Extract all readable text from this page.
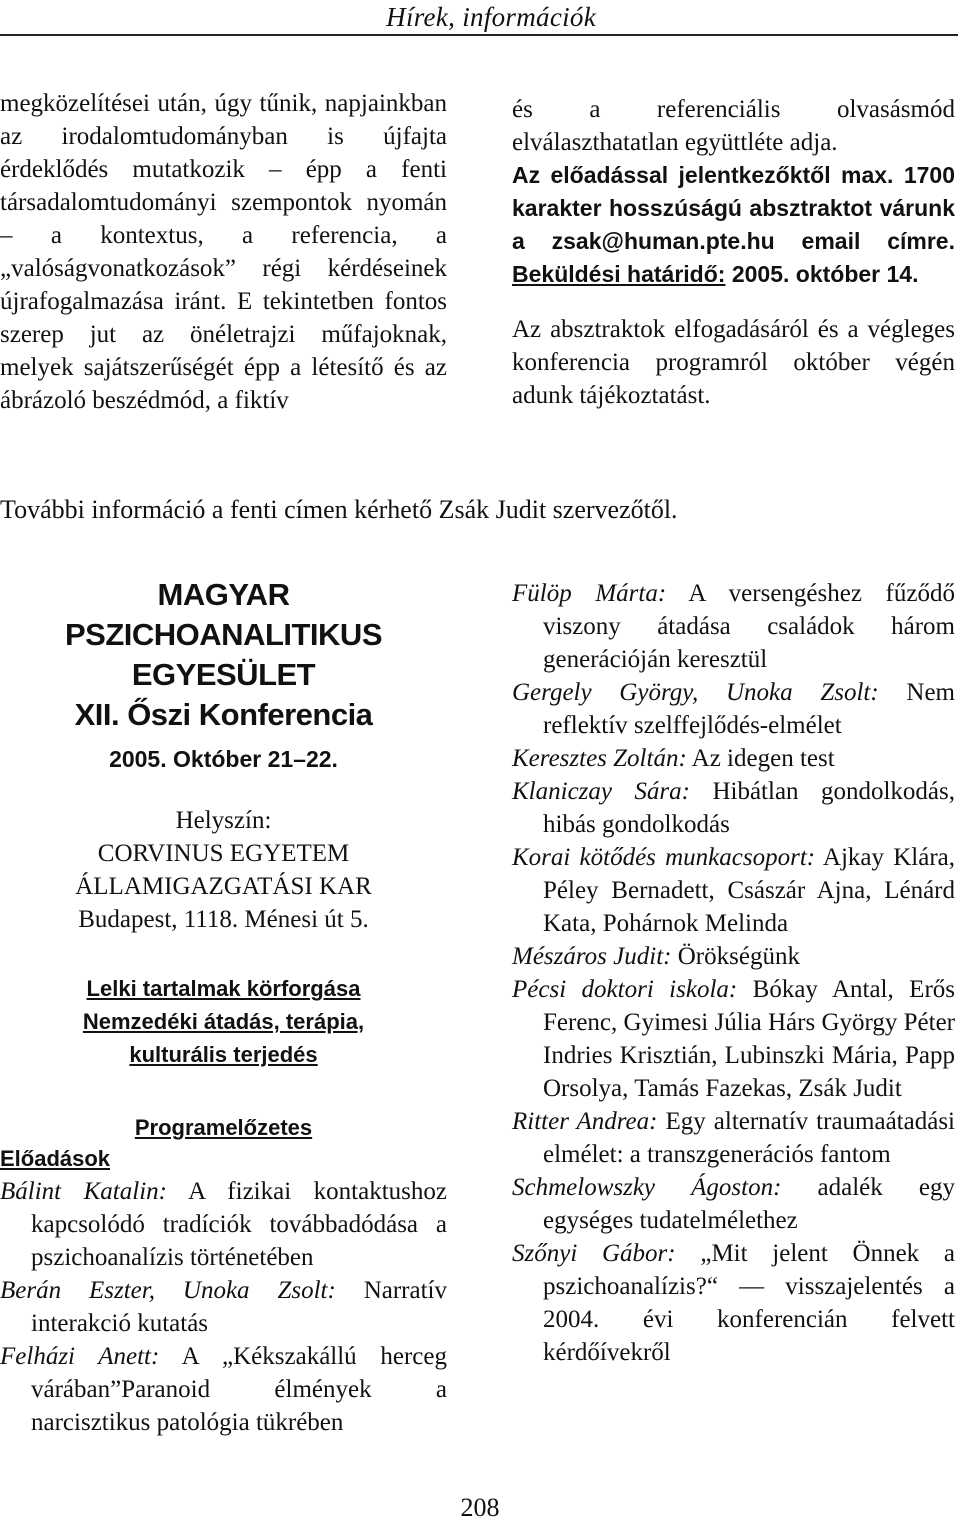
Hírek, információk
megközelítései után, úgy tűnik, napjainkban az irodalomtudományban is újfajta érdeklődés mutatkozik – épp a fenti társadalomtudományi szempontok nyomán – a kontextus, a referencia, a „valóságvonatkozások” régi kérdéseinek újrafogalmazása iránt. E tekintetben fontos szerep jut az önéletrajzi műfajoknak, melyek sajátszerűségét épp a létesítő és az ábrázoló beszédmód, a fiktív

és a referenciális olvasásmód elválaszthatatlan együttléte adja.

Az előadással jelentkezőktől max. 1700 karakter hosszúságú absztraktot várunk a zsak@human.pte.hu email címre. Beküldési határidő: 2005. október 14.

Az absztraktok elfogadásáról és a végleges konferencia programról október végén adunk tájékoztatást.

További információ a fenti címen kérhető Zsák Judit szervezőtől.
MAGYAR
PSZICHOANALITIKUS
EGYESÜLET
XII. Őszi Konferencia
2005. Október 21–22.
Helyszín:
CORVINUS EGYETEM
ÁLLAMIGAZGATÁSI KAR
Budapest, 1118. Ménesi út 5.
Lelki tartalmak körforgása
Nemzedéki átadás, terápia,
kulturális terjedés
Programelőzetes
Előadások
Bálint Katalin: A fizikai kontaktushoz kapcsolódó tradíciók továbbadódása a pszichoanalízis történetében
Berán Eszter, Unoka Zsolt: Narratív interakció kutatás
Felházi Anett: A „Kékszakállú herceg várában”Paranoid élmények a narcisztikus patológia tükrében
Fülöp Márta: A versengéshez fűződő viszony átadása családok három generációján keresztül
Gergely György, Unoka Zsolt: Nem reflektív szelffejlődés-elmélet
Keresztes Zoltán: Az idegen test
Klaniczay Sára: Hibátlan gondolkodás, hibás gondolkodás
Korai kötődés munkacsoport: Ajkay Klára, Péley Bernadett, Császár Ajna, Lénárd Kata, Pohárnok Melinda
Mészáros Judit: Örökségünk
Pécsi doktori iskola: Bókay Antal, Erős Ferenc, Gyimesi Júlia Hárs György Péter Indries Krisztián, Lubinszki Mária, Papp Orsolya, Tamás Fazekas, Zsák Judit
Ritter Andrea: Egy alternatív traumaátadási elmélet: a transzgenerációs fantom
Schmelowszky Ágoston: adalék egy egységes tudatelmélethez
Szőnyi Gábor: „Mit jelent Önnek a pszichoanalízis?“ — visszajelentés a 2004. évi konferencián felvett kérdőívekről
208
